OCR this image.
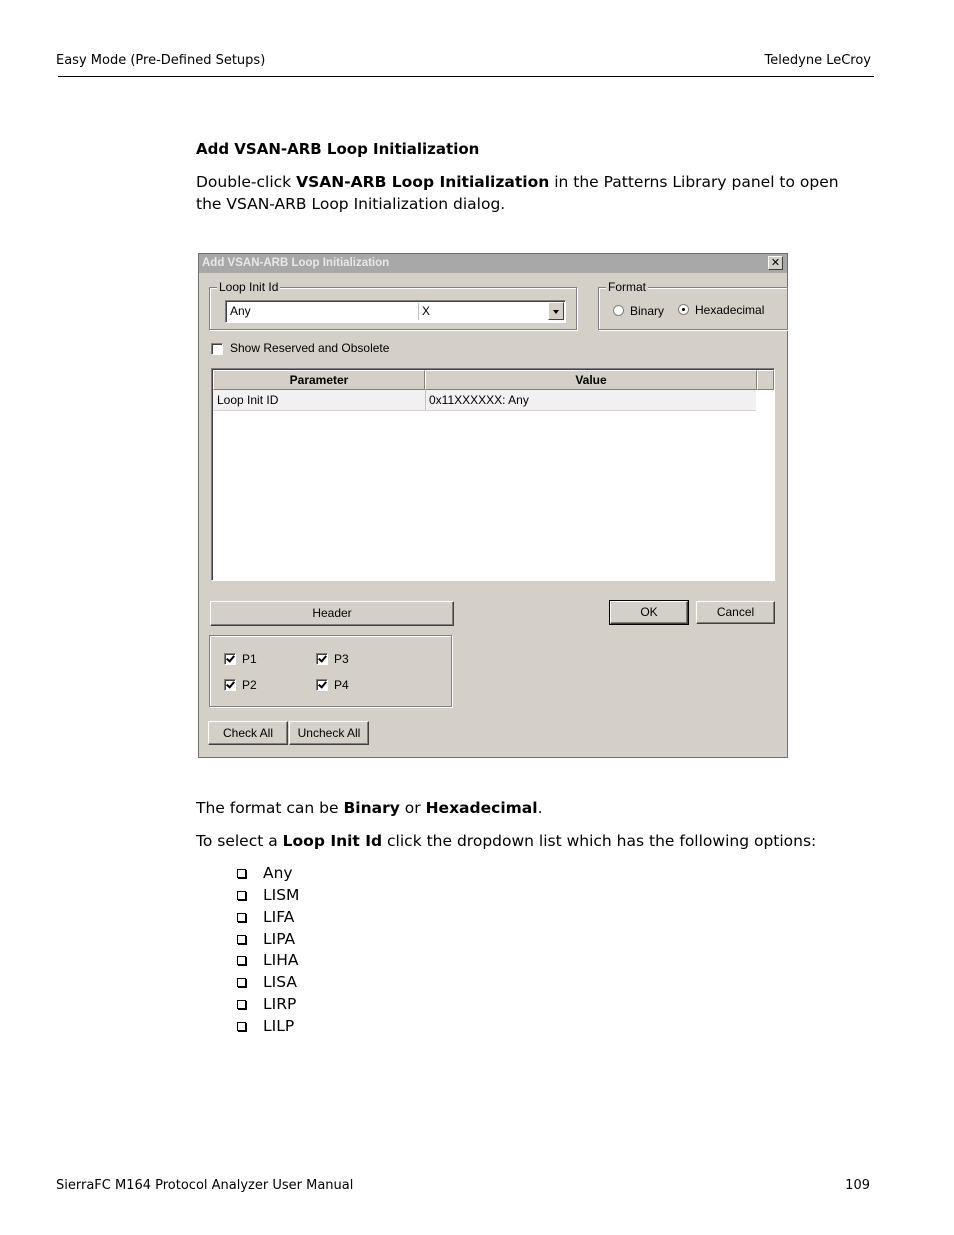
Easy Mode (Pre-Defined Setups)	Teledyne LeCroy
Add VSAN-ARB Loop Initialization
Double-click VSAN-ARB Loop Initialization in the Patterns Library panel to open the VSAN-ARB Loop Initialization dialog.
Add VSAN-ARB Loop Initialization	✕
Loop Init Id
Any	X
Format
Binary	Hexadecimal
Show Reserved and Obsolete
Parameter	Value
Loop Init ID	0x11XXXXXX: Any
Header	OK	Cancel
P1	P3
P2	P4
Check All	Uncheck All
The format can be Binary or Hexadecimal.
To select a Loop Init Id click the dropdown list which has the following options:
Any
LISM
LIFA
LIPA
LIHA
LISA
LIRP
LILP
SierraFC M164 Protocol Analyzer User Manual	109
